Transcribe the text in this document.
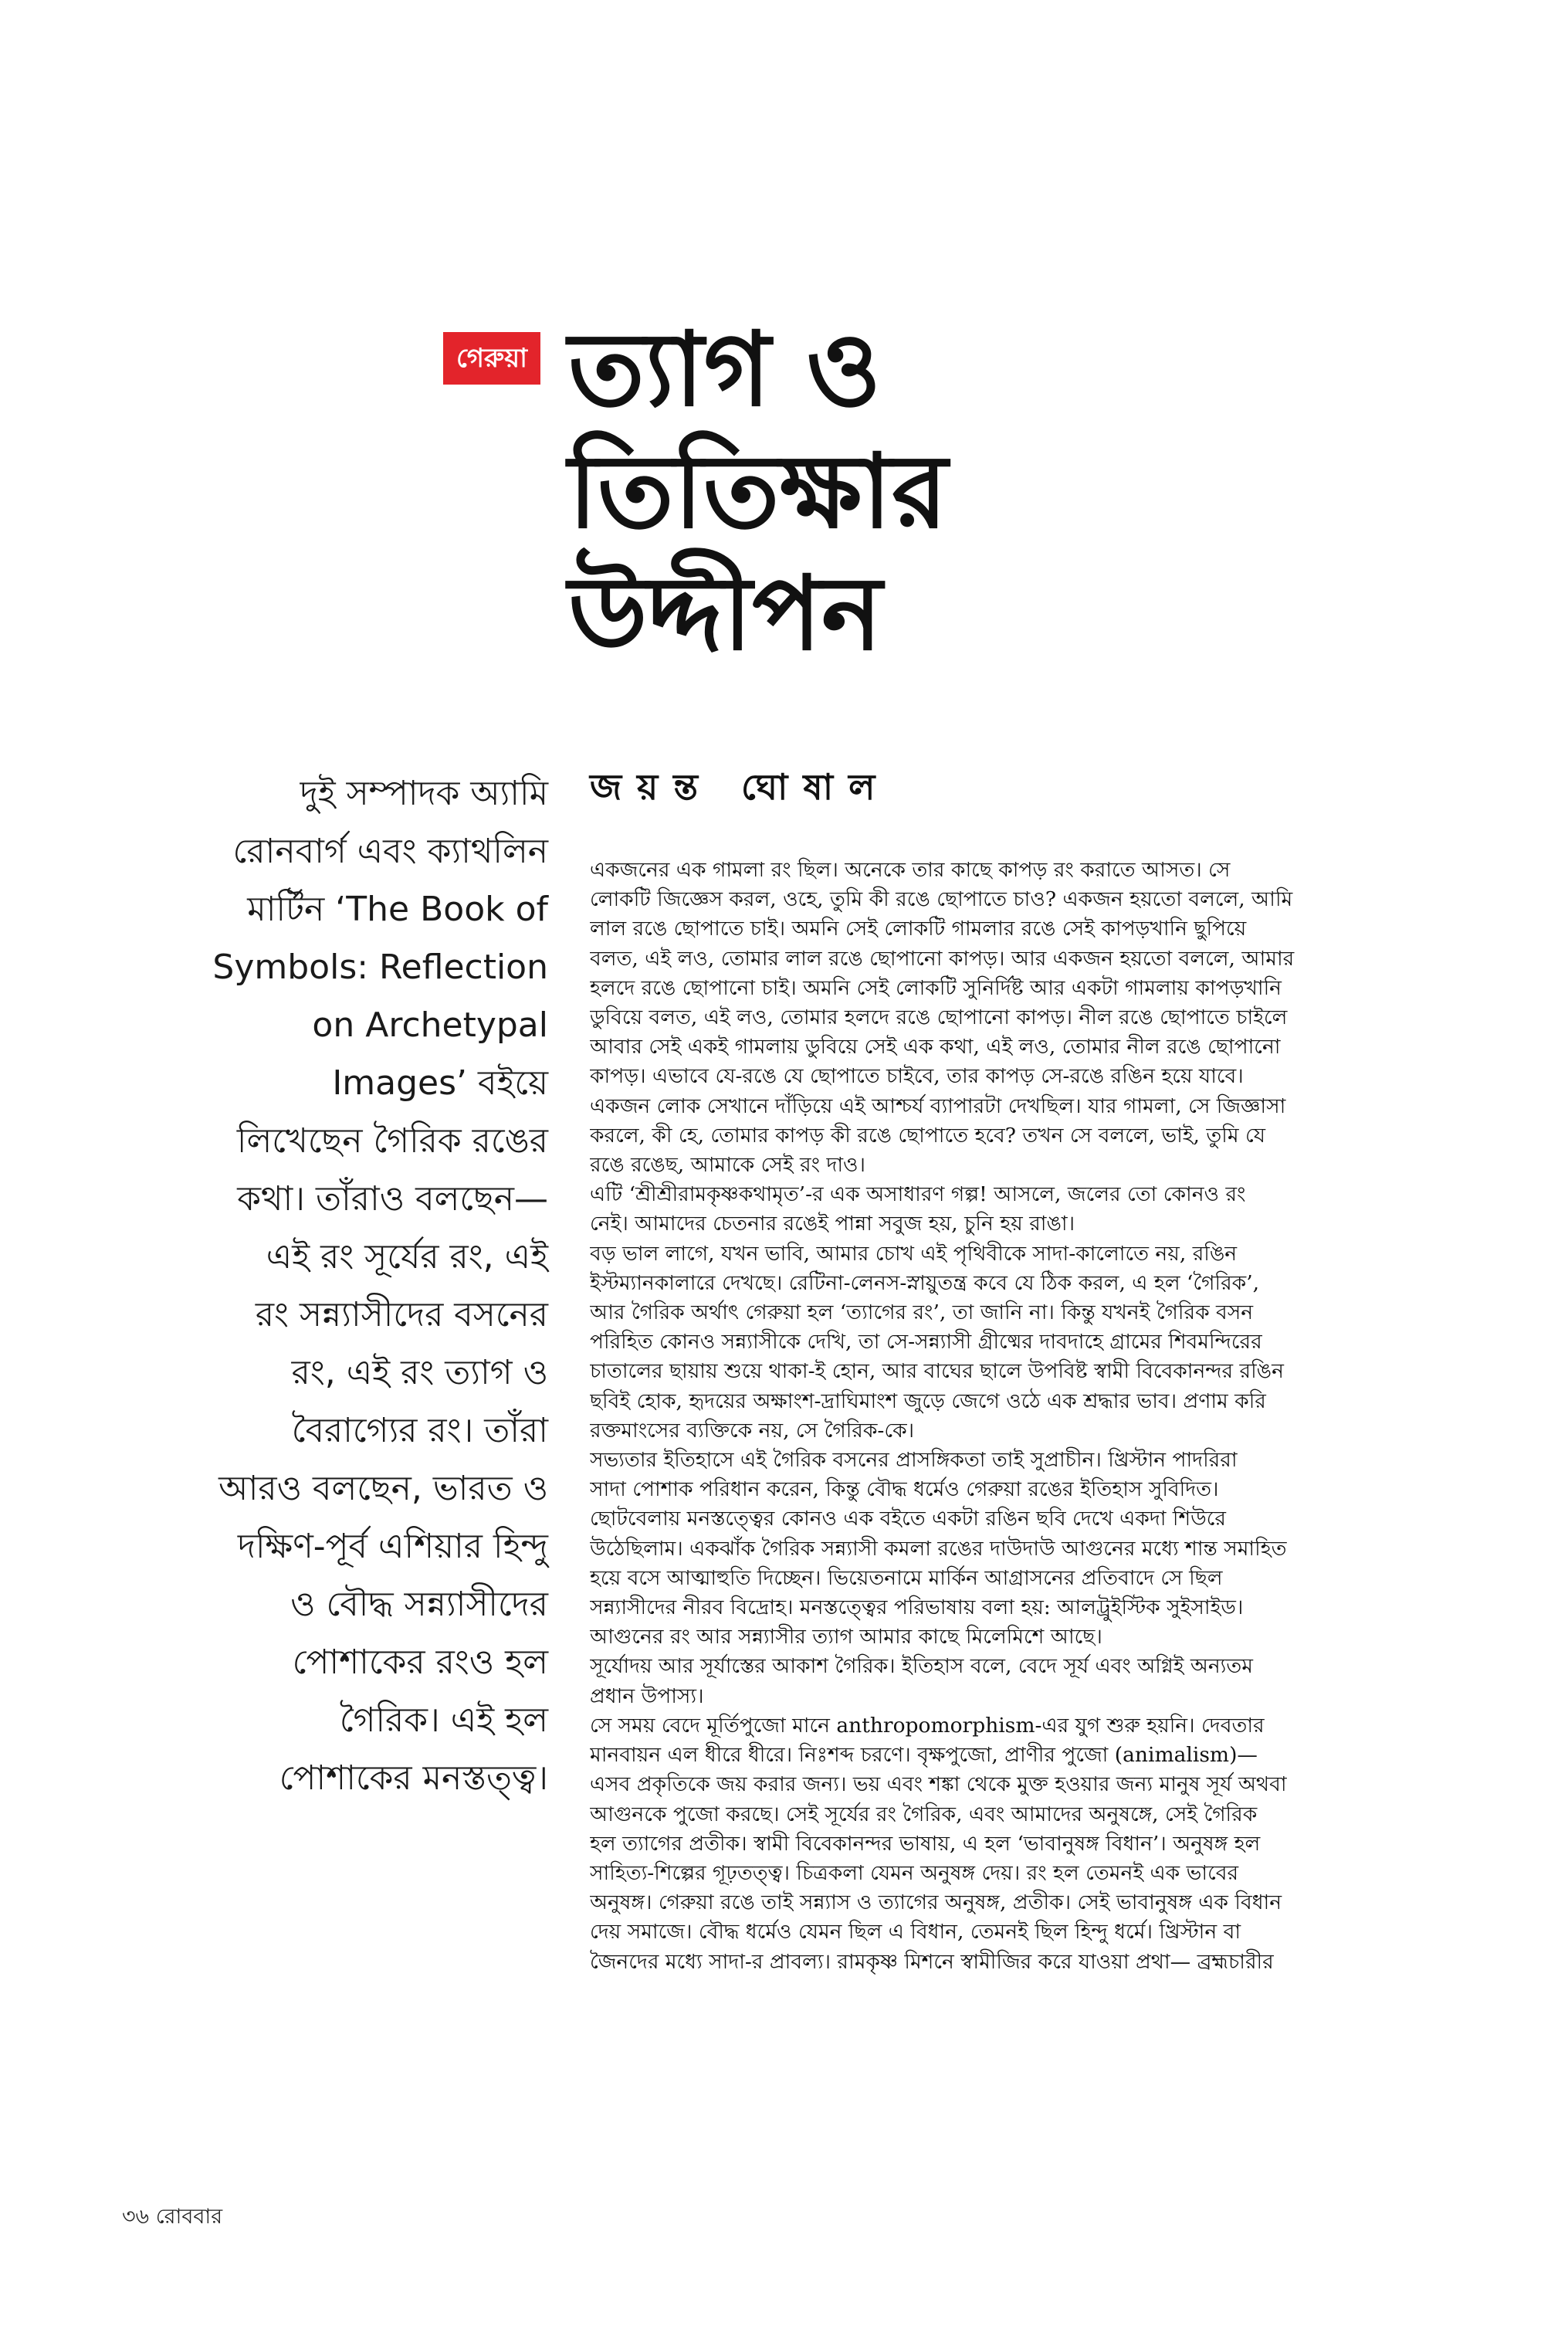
গেরুয়া ত্যাগ ও
তিতিক্ষার
উদ্দীপন
দুই সম্পাদক অ্যামি
রোনবার্গ এবং ক্যাথলিন
মার্টিন ‘The Book of
Symbols: Reflection
on Archetypal
Images’ বইয়ে
লিখেছেন গৈরিক রঙের
কথা। তাঁরাও বলছেন—
এই রং সূর্যের রং, এই
রং সন্ন্যাসীদের বসনের
রং, এই রং ত্যাগ ও
বৈরাগ্যের রং। তাঁরা
আরও বলছেন, ভারত ও
দক্ষিণ-পূর্ব এশিয়ার হিন্দু
ও বৌদ্ধ সন্ন্যাসীদের
পোশাকের রংও হল
গৈরিক। এই হল
পোশাকের মনস্তত্ত্ব।
জয়ন্ত ঘোষাল
একজনের এক গামলা রং ছিল। অনেকে তার কাছে কাপড় রং করাতে আসত। সে
লোকটি জিজ্ঞেস করল, ওহে, তুমি কী রঙে ছোপাতে চাও? একজন হয়তো বললে, আমি
লাল রঙে ছোপাতে চাই। অমনি সেই লোকটি গামলার রঙে সেই কাপড়খানি ছুপিয়ে
বলত, এই লও, তোমার লাল রঙে ছোপানো কাপড়। আর একজন হয়তো বললে, আমার
হলদে রঙে ছোপানো চাই। অমনি সেই লোকটি সুনির্দিষ্ট আর একটা গামলায় কাপড়খানি
ডুবিয়ে বলত, এই লও, তোমার হলদে রঙে ছোপানো কাপড়। নীল রঙে ছোপাতে চাইলে
আবার সেই একই গামলায় ডুবিয়ে সেই এক কথা, এই লও, তোমার নীল রঙে ছোপানো
কাপড়। এভাবে যে-রঙে যে ছোপাতে চাইবে, তার কাপড় সে-রঙে রঙিন হয়ে যাবে।
একজন লোক সেখানে দাঁড়িয়ে এই আশ্চর্য ব্যাপারটা দেখছিল। যার গামলা, সে জিজ্ঞাসা
করলে, কী হে, তোমার কাপড় কী রঙে ছোপাতে হবে? তখন সে বললে, ভাই, তুমি যে
রঙে রঙেছ, আমাকে সেই রং দাও।
এটি ‘শ্রীশ্রীরামকৃষ্ণকথামৃত’-র এক অসাধারণ গল্প! আসলে, জলের তো কোনও রং
নেই। আমাদের চেতনার রঙেই পান্না সবুজ হয়, চুনি হয় রাঙা।
বড় ভাল লাগে, যখন ভাবি, আমার চোখ এই পৃথিবীকে সাদা-কালোতে নয়, রঙিন
ইস্টম্যানকালারে দেখছে। রেটিনা-লেনস-স্নায়ুতন্ত্র কবে যে ঠিক করল, এ হল ‘গৈরিক’,
আর গৈরিক অর্থাৎ গেরুয়া হল ‘ত্যাগের রং’, তা জানি না। কিন্তু যখনই গৈরিক বসন
পরিহিত কোনও সন্ন্যাসীকে দেখি, তা সে-সন্ন্যাসী গ্রীষ্মের দাবদাহে গ্রামের শিবমন্দিরের
চাতালের ছায়ায় শুয়ে থাকা-ই হোন, আর বাঘের ছালে উপবিষ্ট স্বামী বিবেকানন্দর রঙিন
ছবিই হোক, হৃদয়ের অক্ষাংশ-দ্রাঘিমাংশ জুড়ে জেগে ওঠে এক শ্রদ্ধার ভাব। প্রণাম করি
রক্তমাংসের ব্যক্তিকে নয়, সে গৈরিক-কে।
সভ্যতার ইতিহাসে এই গৈরিক বসনের প্রাসঙ্গিকতা তাই সুপ্রাচীন। খ্রিস্টান পাদরিরা
সাদা পোশাক পরিধান করেন, কিন্তু বৌদ্ধ ধর্মেও গেরুয়া রঙের ইতিহাস সুবিদিত।
ছোটবেলায় মনস্তত্ত্বের কোনও এক বইতে একটা রঙিন ছবি দেখে একদা শিউরে
উঠেছিলাম। একঝাঁক গৈরিক সন্ন্যাসী কমলা রঙের দাউদাউ আগুনের মধ্যে শান্ত সমাহিত
হয়ে বসে আত্মাহুতি দিচ্ছেন। ভিয়েতনামে মার্কিন আগ্রাসনের প্রতিবাদে সে ছিল
সন্ন্যাসীদের নীরব বিদ্রোহ। মনস্তত্ত্বের পরিভাষায় বলা হয়: আলট্রুইস্টিক সুইসাইড।
আগুনের রং আর সন্ন্যাসীর ত্যাগ আমার কাছে মিলেমিশে আছে।
সূর্যোদয় আর সূর্যাস্তের আকাশ গৈরিক। ইতিহাস বলে, বেদে সূর্য এবং অগ্নিই অন্যতম
প্রধান উপাস্য।
সে সময় বেদে মূর্তিপুজো মানে anthropomorphism-এর যুগ শুরু হয়নি। দেবতার
মানবায়ন এল ধীরে ধীরে। নিঃশব্দ চরণে। বৃক্ষপুজো, প্রাণীর পুজো (animalism)—
এসব প্রকৃতিকে জয় করার জন্য। ভয় এবং শঙ্কা থেকে মুক্ত হওয়ার জন্য মানুষ সূর্য অথবা
আগুনকে পুজো করছে। সেই সূর্যের রং গৈরিক, এবং আমাদের অনুষঙ্গে, সেই গৈরিক
হল ত্যাগের প্রতীক। স্বামী বিবেকানন্দর ভাষায়, এ হল ‘ভাবানুষঙ্গ বিধান’। অনুষঙ্গ হল
সাহিত্য-শিল্পের গূঢ়তত্ত্ব। চিত্রকলা যেমন অনুষঙ্গ দেয়। রং হল তেমনই এক ভাবের
অনুষঙ্গ। গেরুয়া রঙে তাই সন্ন্যাস ও ত্যাগের অনুষঙ্গ, প্রতীক। সেই ভাবানুষঙ্গ এক বিধান
দেয় সমাজে। বৌদ্ধ ধর্মেও যেমন ছিল এ বিধান, তেমনই ছিল হিন্দু ধর্মে। খ্রিস্টান বা
জৈনদের মধ্যে সাদা-র প্রাবল্য। রামকৃষ্ণ মিশনে স্বামীজির করে যাওয়া প্রথা— ব্রহ্মচারীর
৩৬ রোববার
